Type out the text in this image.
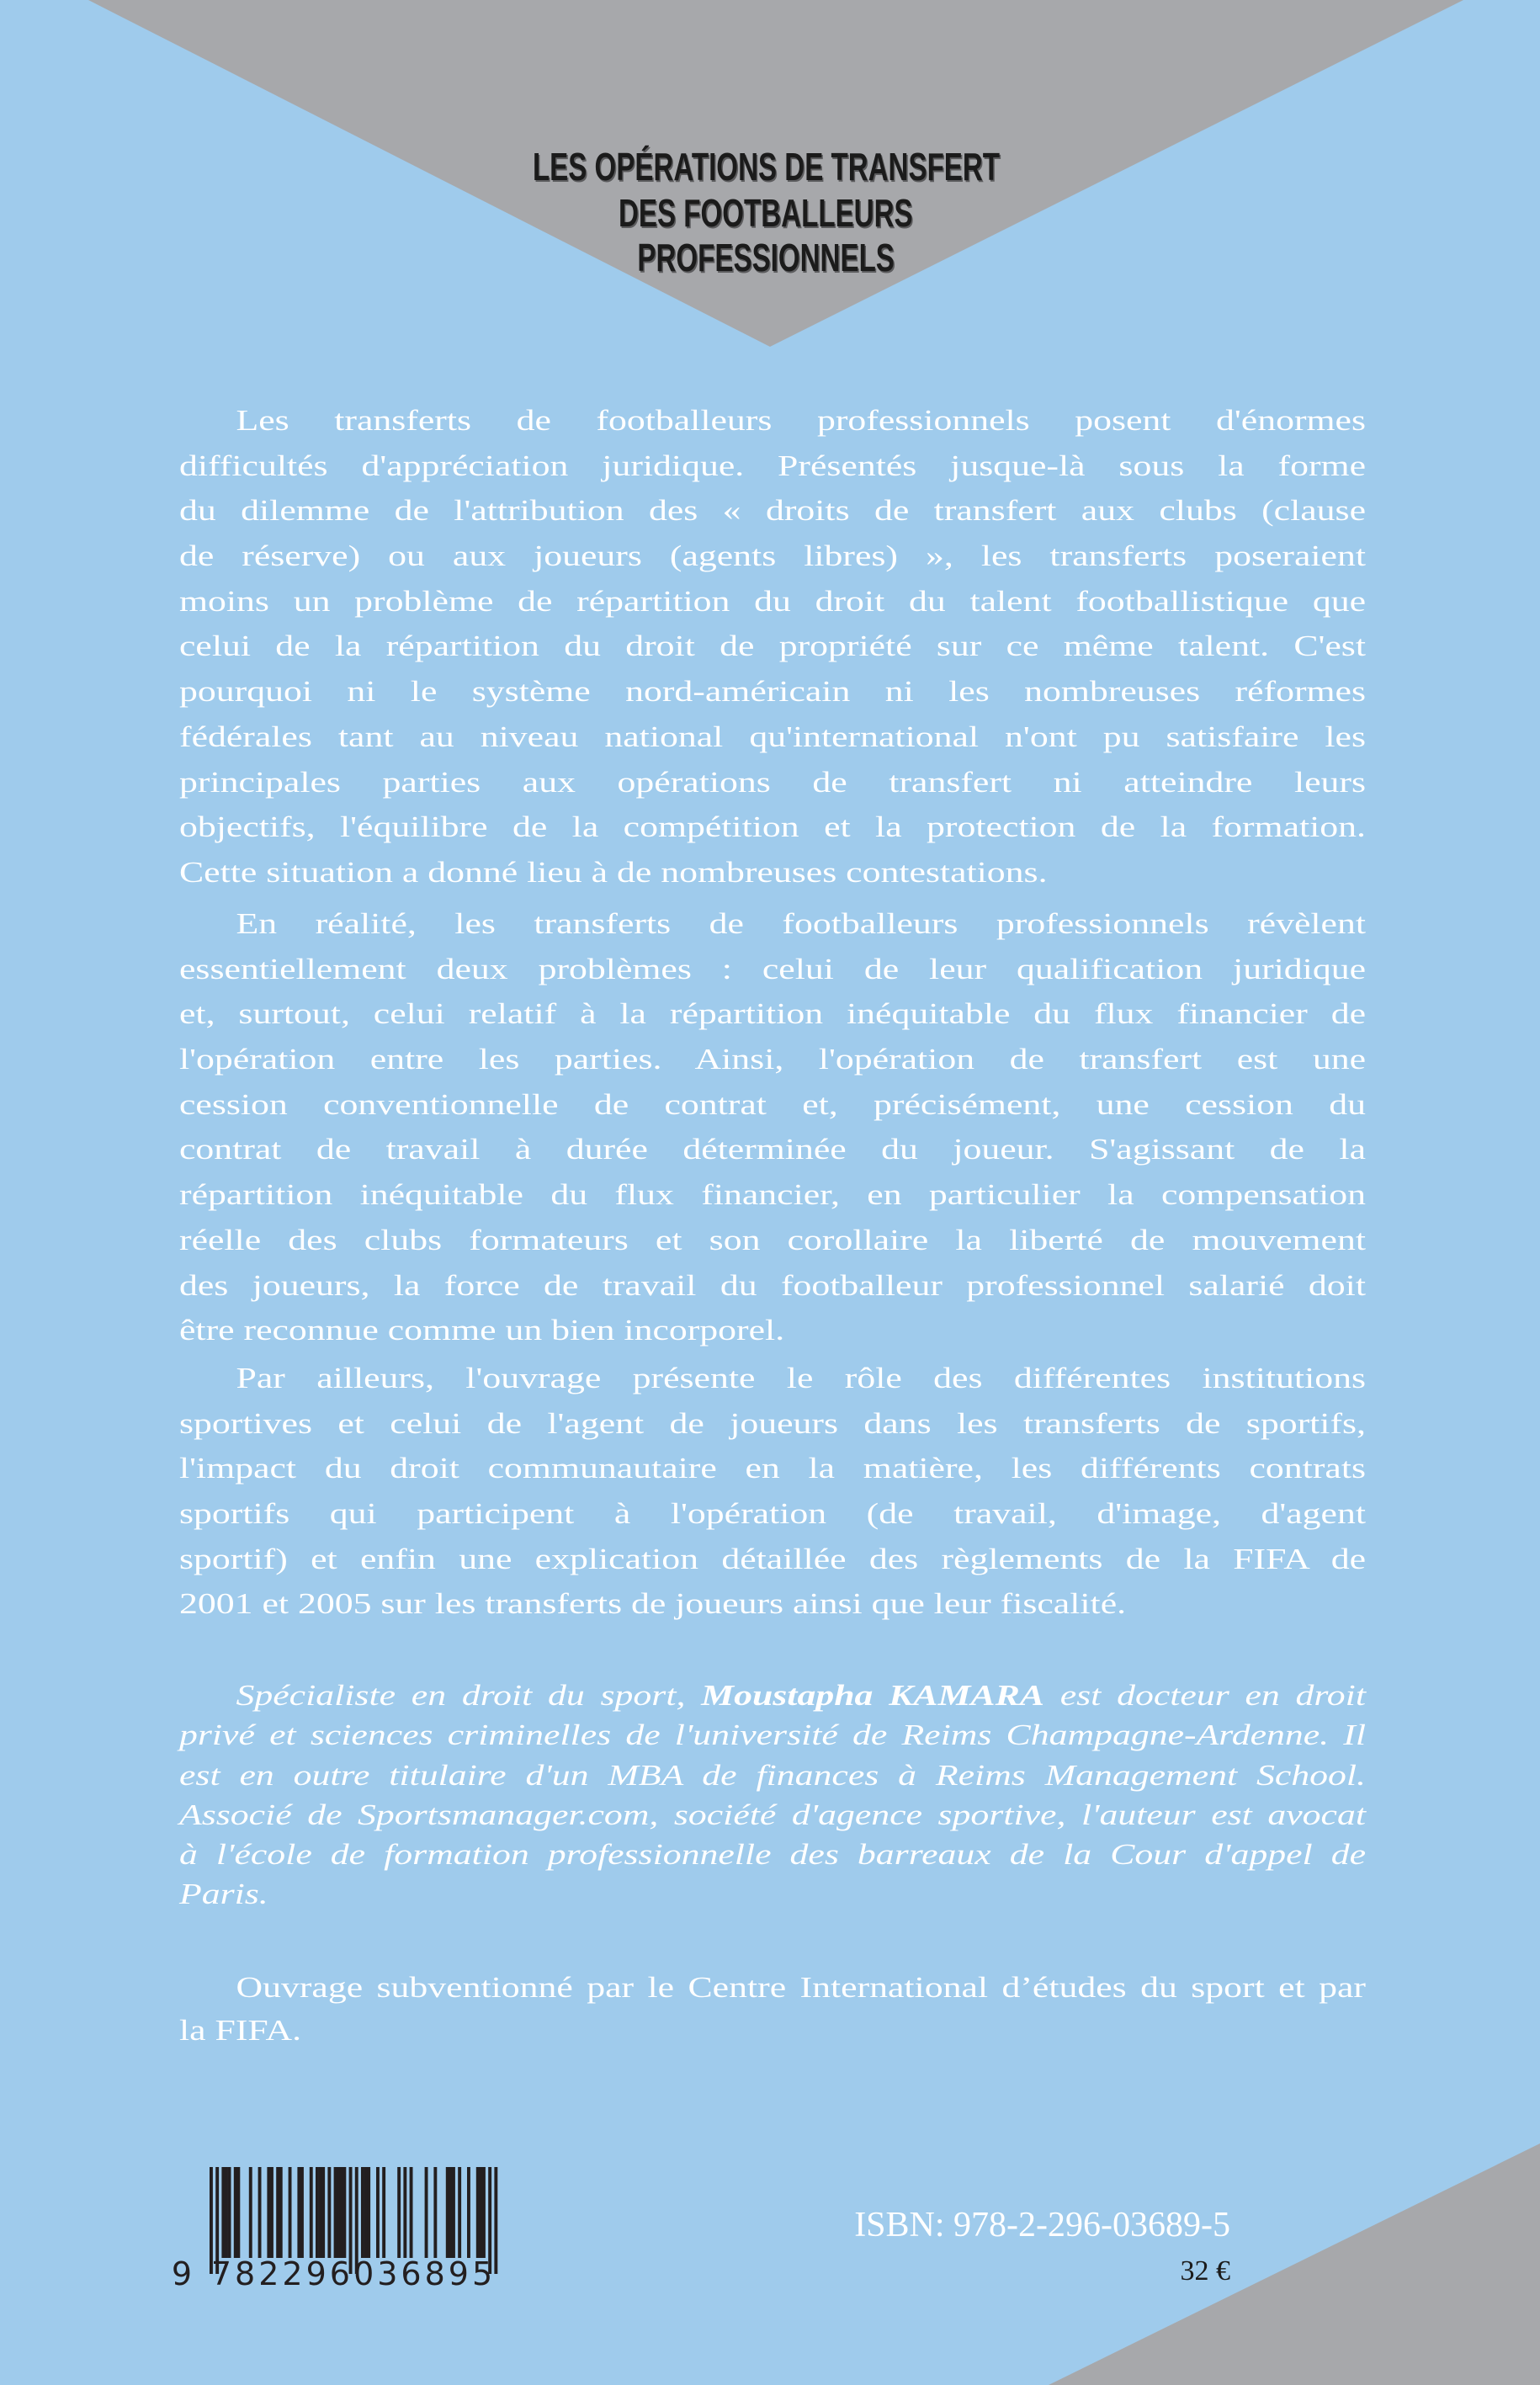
LES OPÉRATIONS DE TRANSFERT
DES FOOTBALLEURS
PROFESSIONNELS
Les transferts de footballeurs professionnels posent d'énormes
difficultés d'appréciation juridique. Présentés jusque-là sous la forme
du dilemme de l'attribution des « droits de transfert aux clubs (clause
de réserve) ou aux joueurs (agents libres) », les transferts poseraient
moins un problème de répartition du droit du talent footballistique que
celui de la répartition du droit de propriété sur ce même talent. C'est
pourquoi ni le système nord-américain ni les nombreuses réformes
fédérales tant au niveau national qu'international n'ont pu satisfaire les
principales parties aux opérations de transfert ni atteindre leurs
objectifs, l'équilibre de la compétition et la protection de la formation.
Cette situation a donné lieu à de nombreuses contestations.
En réalité, les transferts de footballeurs professionnels révèlent
essentiellement deux problèmes : celui de leur qualification juridique
et, surtout, celui relatif à la répartition inéquitable du flux financier de
l'opération entre les parties. Ainsi, l'opération de transfert est une
cession conventionnelle de contrat et, précisément, une cession du
contrat de travail à durée déterminée du joueur. S'agissant de la
répartition inéquitable du flux financier, en particulier la compensation
réelle des clubs formateurs et son corollaire la liberté de mouvement
des joueurs, la force de travail du footballeur professionnel salarié doit
être reconnue comme un bien incorporel.
Par ailleurs, l'ouvrage présente le rôle des différentes institutions
sportives et celui de l'agent de joueurs dans les transferts de sportifs,
l'impact du droit communautaire en la matière, les différents contrats
sportifs qui participent à l'opération (de travail, d'image, d'agent
sportif) et enfin une explication détaillée des règlements de la FIFA de
2001 et 2005 sur les transferts de joueurs ainsi que leur fiscalité.
Spécialiste en droit du sport, Moustapha KAMARA est docteur en droit
privé et sciences criminelles de l'université de Reims Champagne-Ardenne. Il
est en outre titulaire d'un MBA de finances à Reims Management School.
Associé de Sportsmanager.com, société d'agence sportive, l'auteur est avocat
à l'école de formation professionnelle des barreaux de la Cour d'appel de
Paris.
Ouvrage subventionné par le Centre International d’études du sport et par
la FIFA.
9 782296 036895
ISBN: 978-2-296-03689-5
32 €
